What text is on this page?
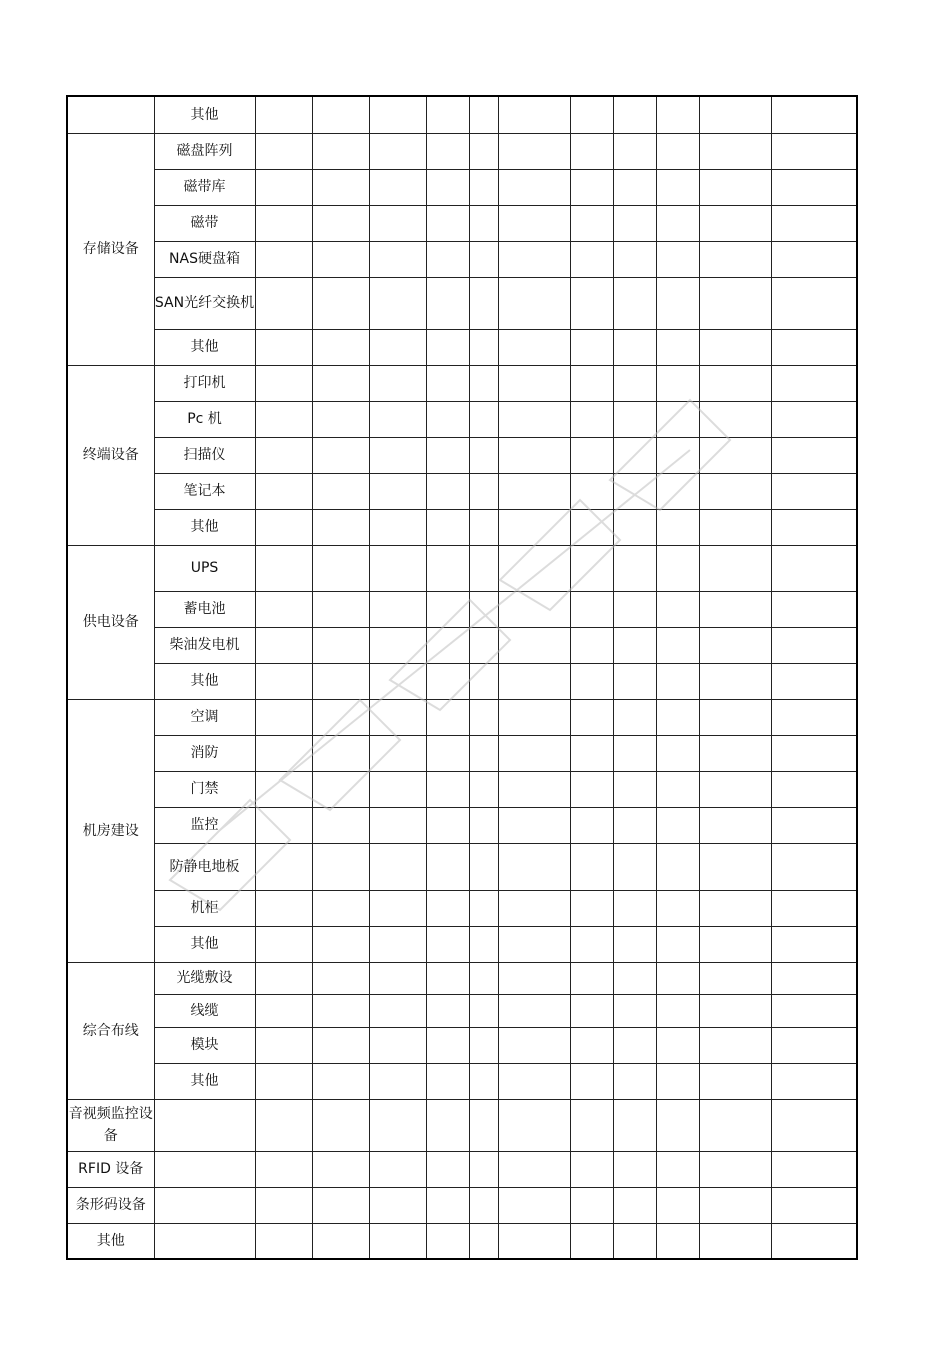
	其他											
存储设备	磁盘阵列											
	磁带库											
	磁带											
	NAS硬盘箱											
	SAN光纤交换机											
	其他											
终端设备	打印机											
	Pc 机											
	扫描仪											
	笔记本											
	其他											
供电设备	UPS											
	蓄电池											
	柴油发电机											
	其他											
机房建设	空调											
	消防											
	门禁											
	监控											
	防静电地板											
	机柜											
	其他											
综合布线	光缆敷设											
	线缆											
	模块											
	其他											
音视频监控设备												
RFID 设备												
条形码设备												
其他												
